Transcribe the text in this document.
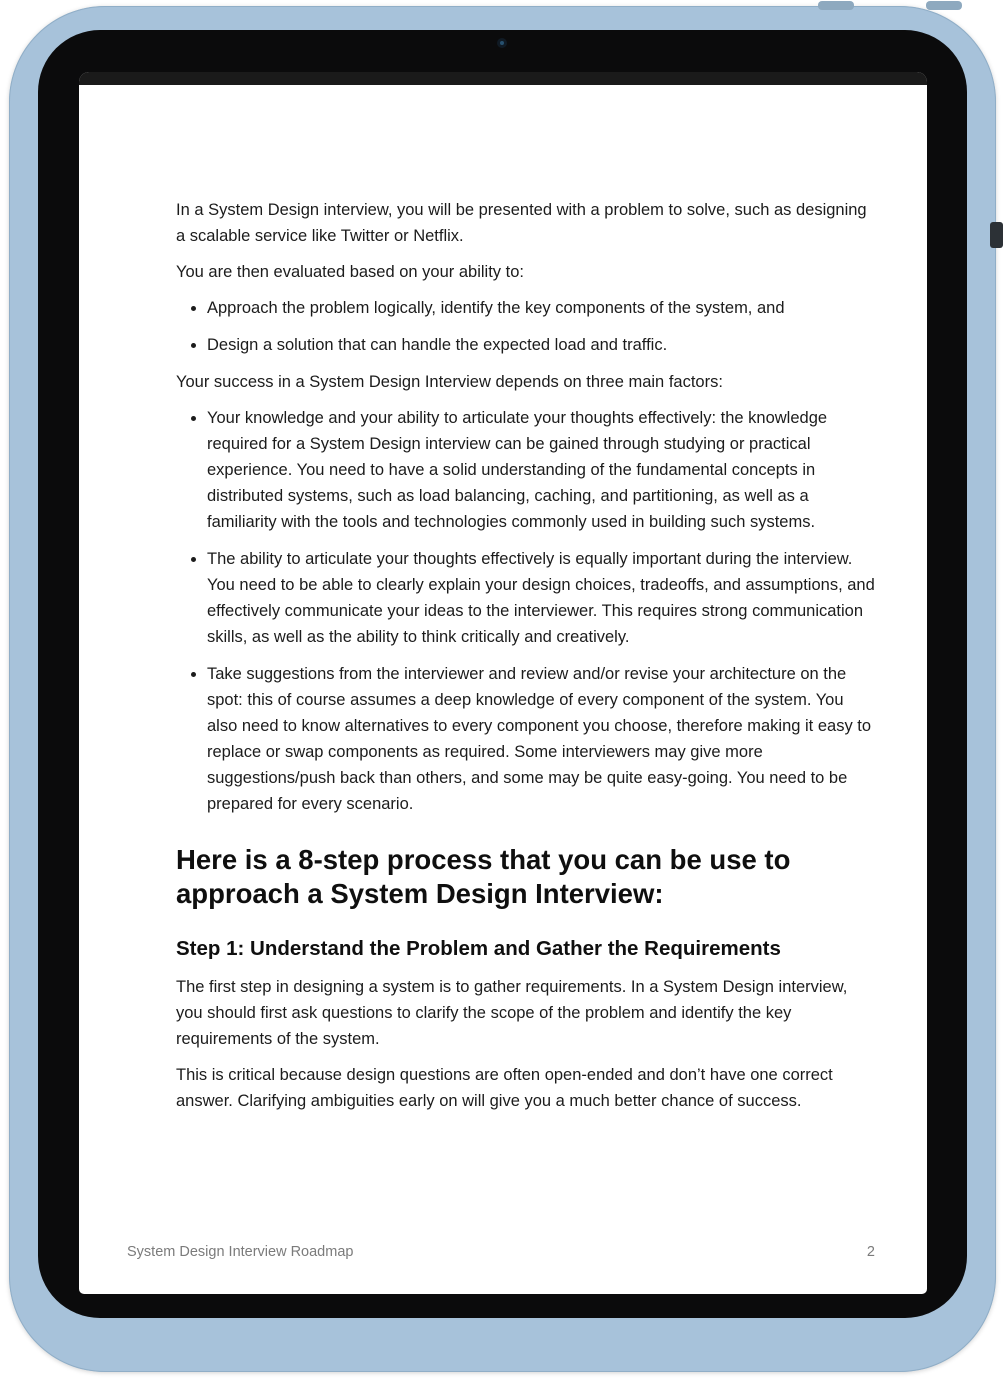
In a System Design interview, you will be presented with a problem to solve, such as designing a scalable service like Twitter or Netflix.

You are then evaluated based on your ability to:

• Approach the problem logically, identify the key components of the system, and
• Design a solution that can handle the expected load and traffic.

Your success in a System Design Interview depends on three main factors:

• Your knowledge and your ability to articulate your thoughts effectively: the knowledge required for a System Design interview can be gained through studying or practical experience. You need to have a solid understanding of the fundamental concepts in distributed systems, such as load balancing, caching, and partitioning, as well as a familiarity with the tools and technologies commonly used in building such systems.
• The ability to articulate your thoughts effectively is equally important during the interview. You need to be able to clearly explain your design choices, tradeoffs, and assumptions, and effectively communicate your ideas to the interviewer. This requires strong communication skills, as well as the ability to think critically and creatively.
• Take suggestions from the interviewer and review and/or revise your architecture on the spot: this of course assumes a deep knowledge of every component of the system. You also need to know alternatives to every component you choose, therefore making it easy to replace or swap components as required. Some interviewers may give more suggestions/push back than others, and some may be quite easy-going. You need to be prepared for every scenario.
Here is a 8-step process that you can be use to approach a System Design Interview:
Step 1: Understand the Problem and Gather the Requirements

The first step in designing a system is to gather requirements. In a System Design interview, you should first ask questions to clarify the scope of the problem and identify the key requirements of the system.

This is critical because design questions are often open-ended and don’t have one correct answer. Clarifying ambiguities early on will give you a much better chance of success.

System Design Interview Roadmap	2
